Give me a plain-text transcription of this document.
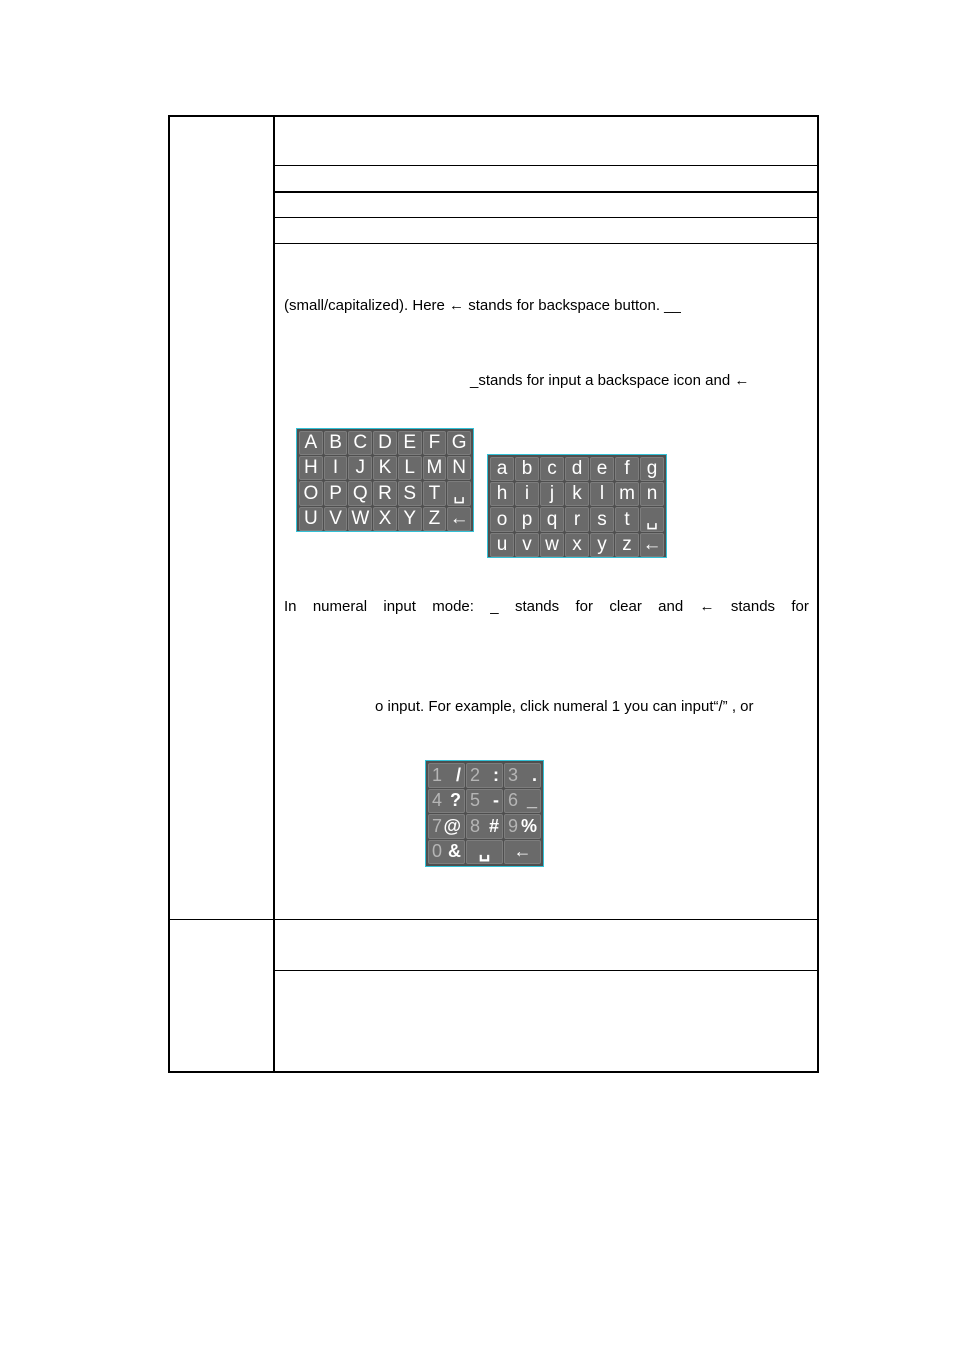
(small/capitalized). Here ← stands for backspace button. __
_stands for input a backspace icon and ←
In numeral input mode: _ stands for clear and ← stands for
o input. For example, click numeral 1 you can input“/” , or
A B C D E F G
H I J K L M N
O P Q R S T ␣
U V W X Y Z ←
a b c d e f g
h i	j k l m n
o p q r s t ␣
u v w x y z ←
1 / 2 : 3 .
4 ? 5 - 6 _
7 @ 8 # 9 %
0 & ␣ ←
